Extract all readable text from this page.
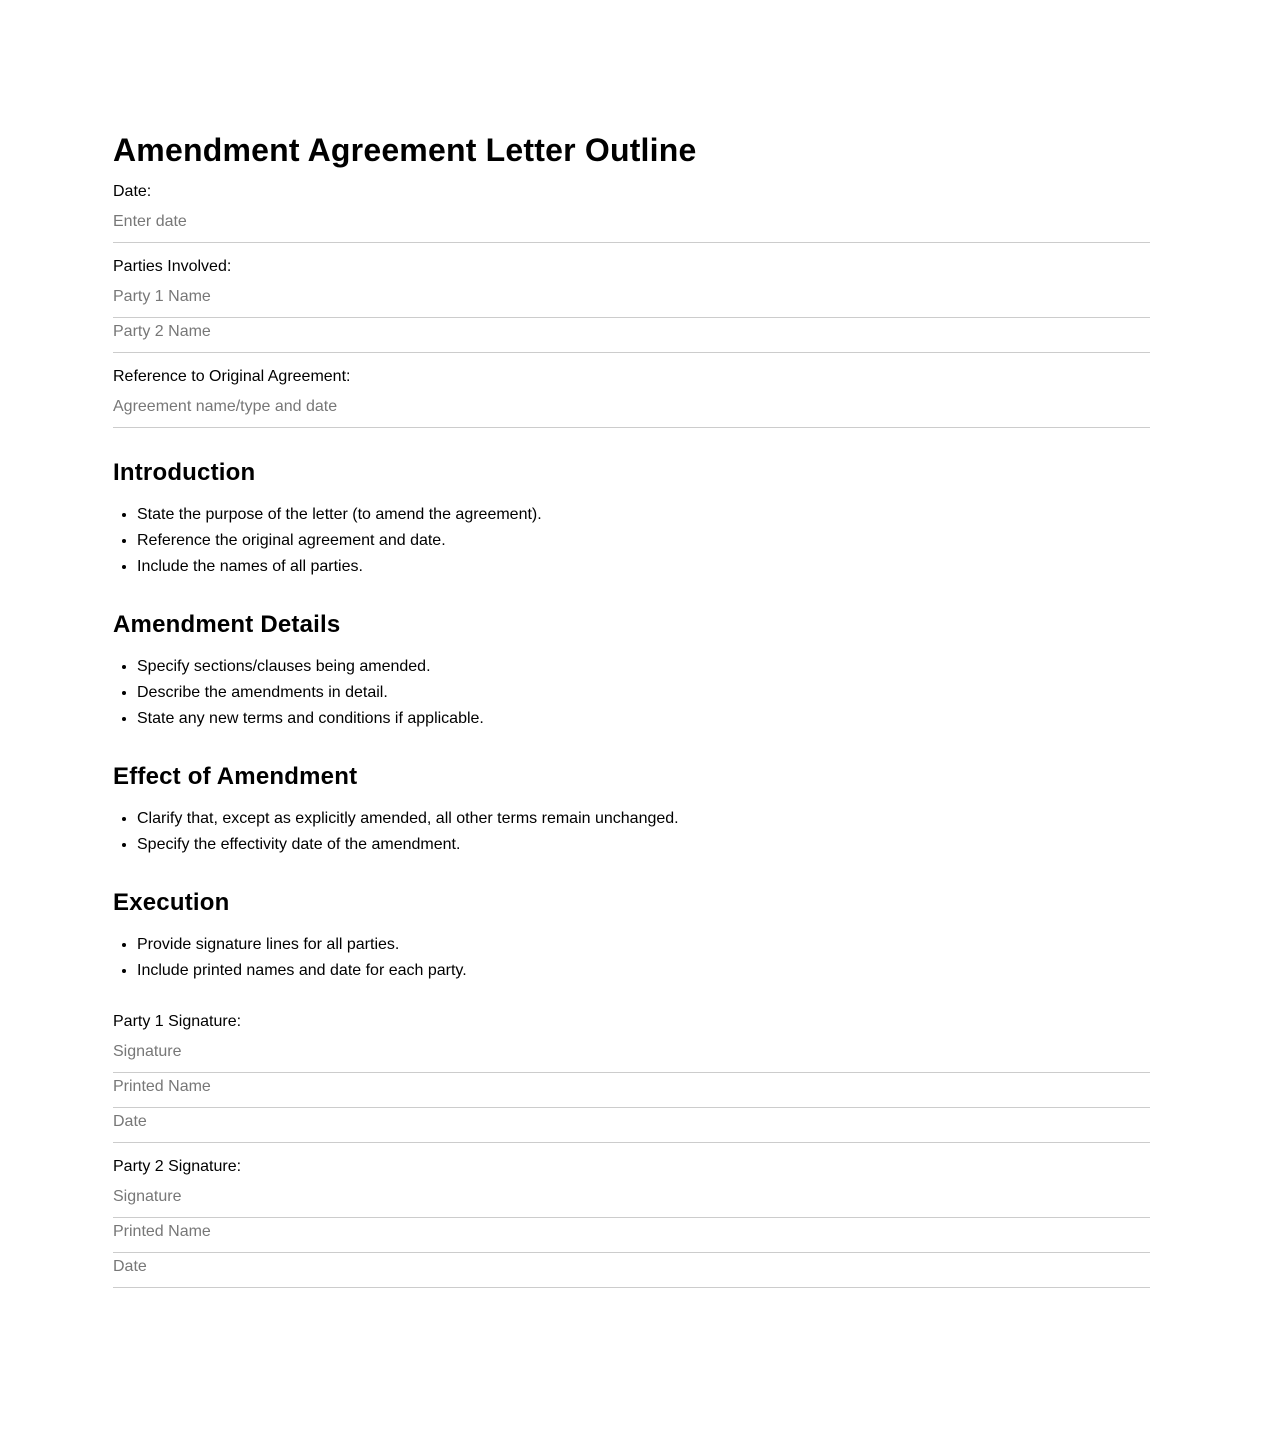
Amendment Agreement Letter Outline
Date:
Enter date
Parties Involved:
Party 1 Name
Party 2 Name
Reference to Original Agreement:
Agreement name/type and date
Introduction
• State the purpose of the letter (to amend the agreement).
• Reference the original agreement and date.
• Include the names of all parties.
Amendment Details
• Specify sections/clauses being amended.
• Describe the amendments in detail.
• State any new terms and conditions if applicable.
Effect of Amendment
• Clarify that, except as explicitly amended, all other terms remain unchanged.
• Specify the effectivity date of the amendment.
Execution
• Provide signature lines for all parties.
• Include printed names and date for each party.
Party 1 Signature:
Signature
Printed Name
Date
Party 2 Signature:
Signature
Printed Name
Date
